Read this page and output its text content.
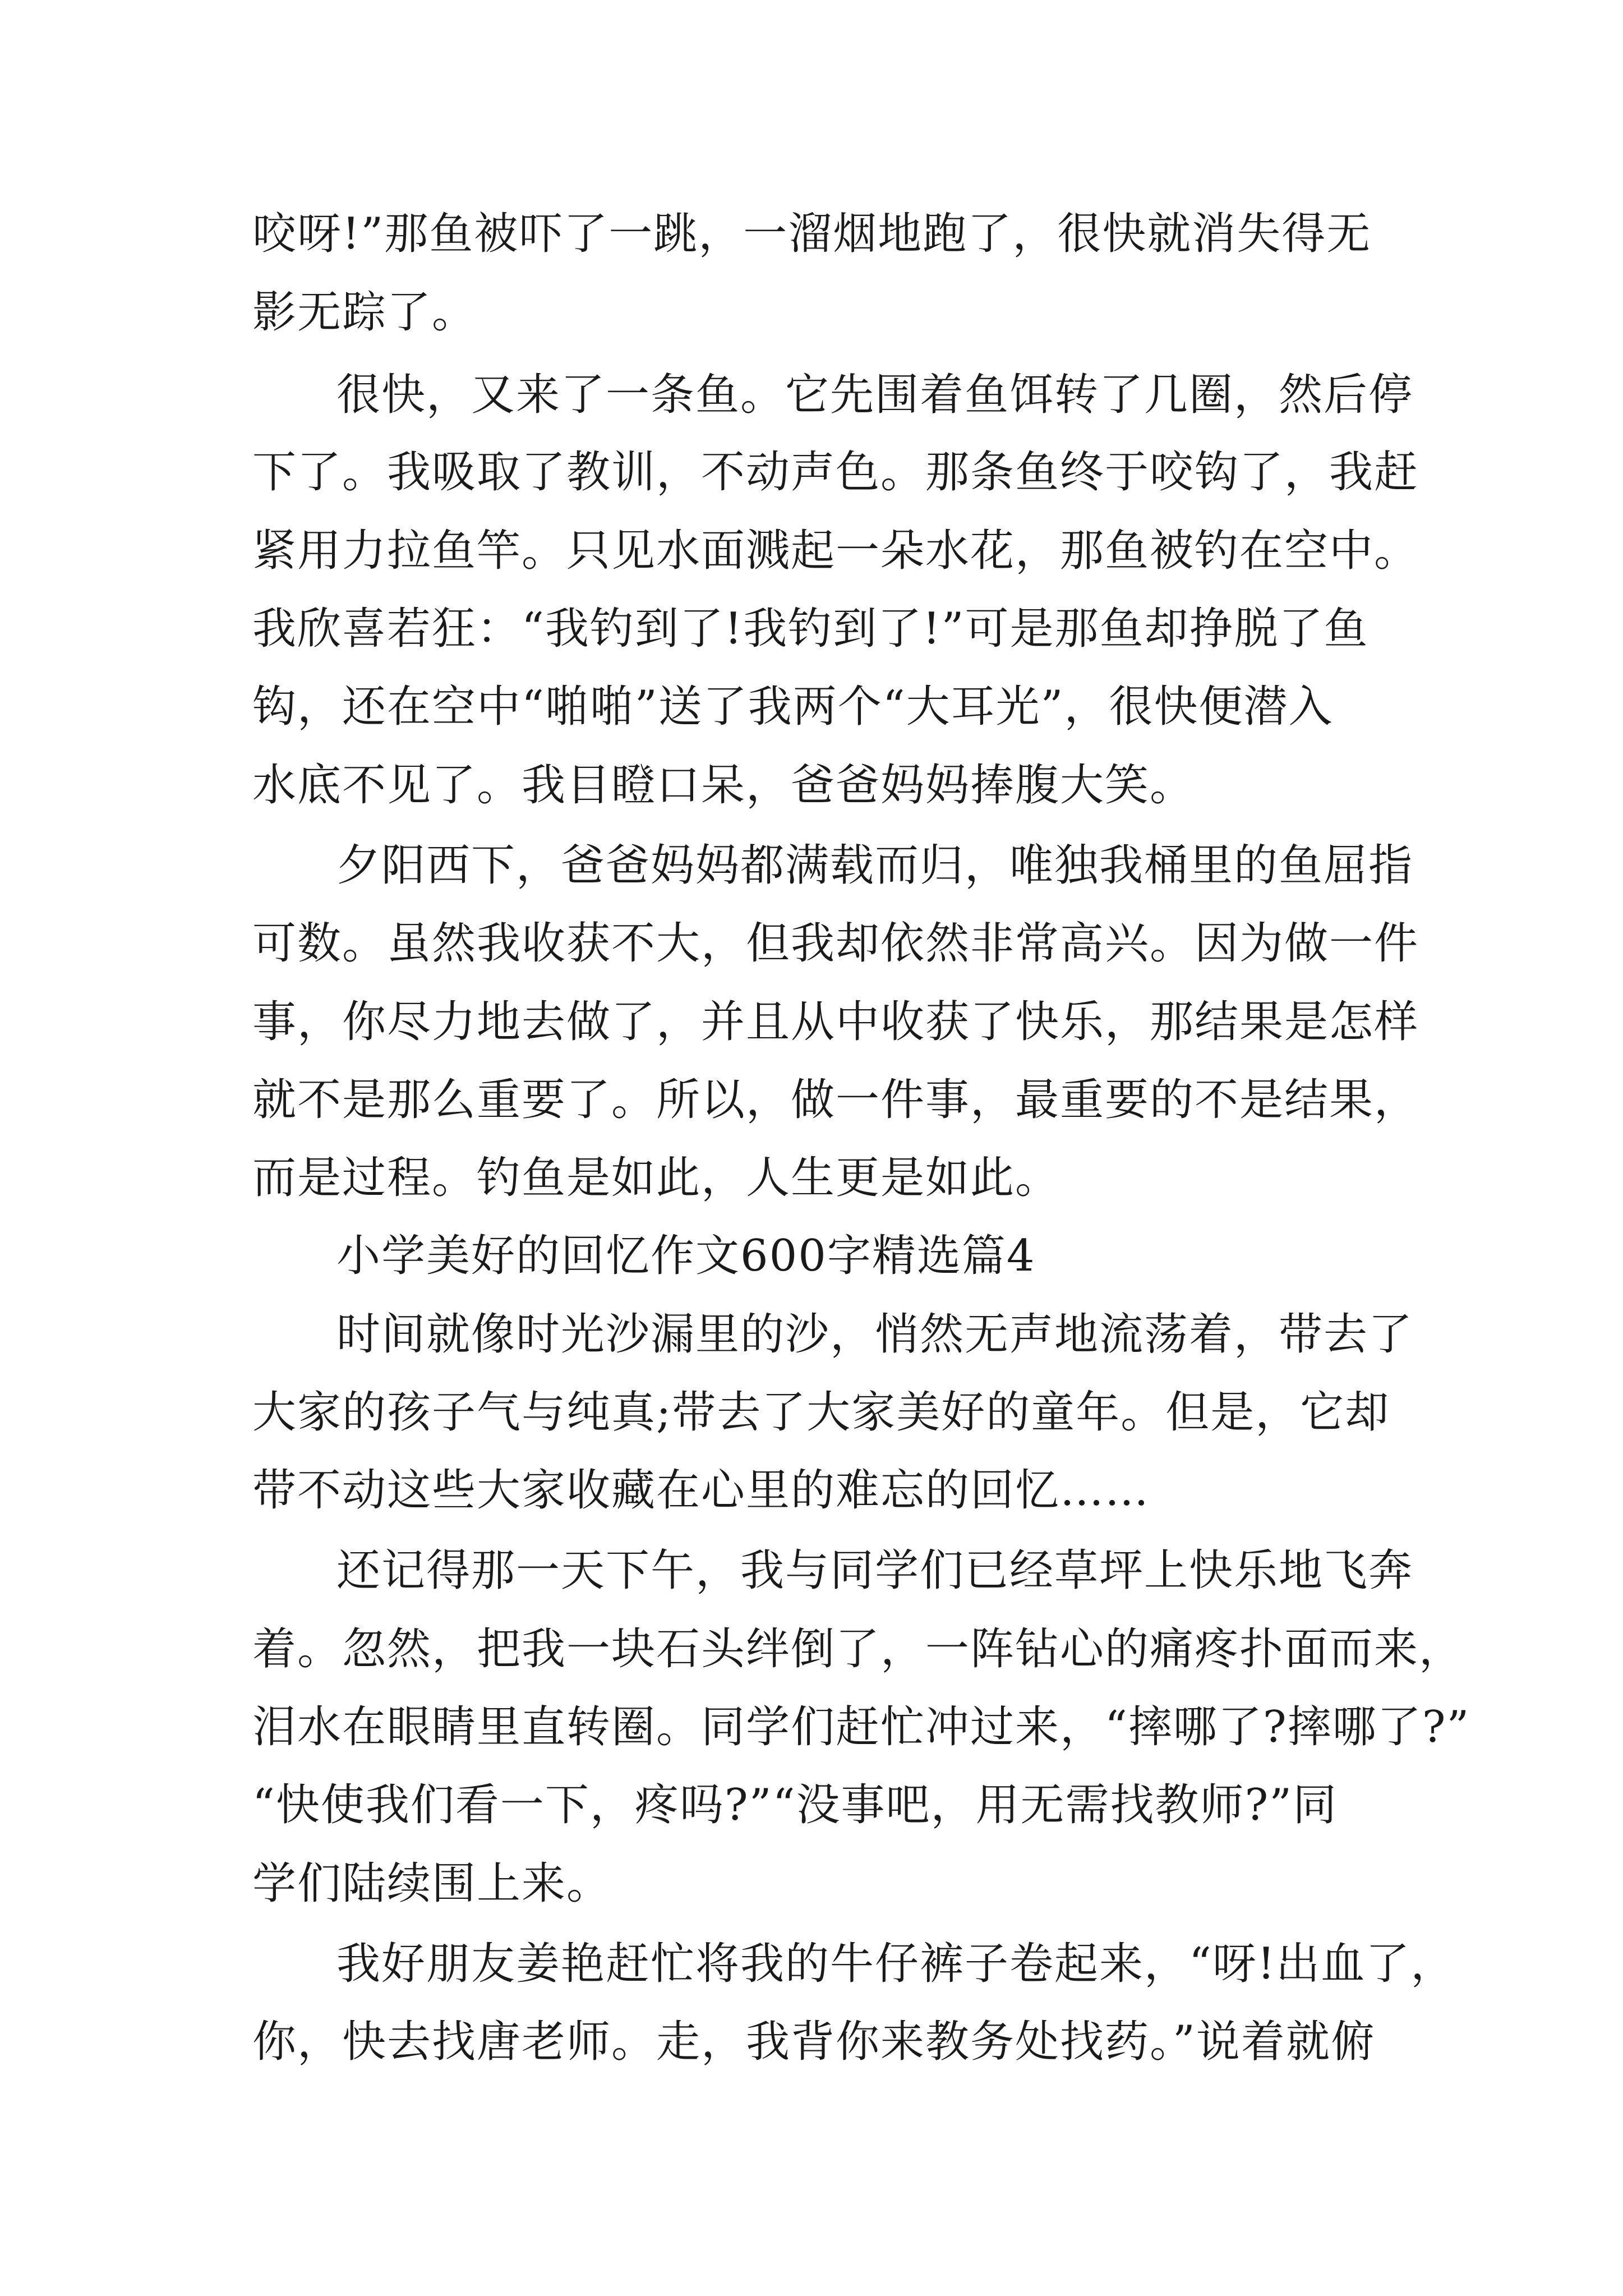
咬呀!”那鱼被吓了一跳，一溜烟地跑了，很快就消失得无
影无踪了。
很快，又来了一条鱼。它先围着鱼饵转了几圈，然后停
下了。我吸取了教训，不动声色。那条鱼终于咬钩了，我赶
紧用力拉鱼竿。只见水面溅起一朵水花，那鱼被钓在空中。
我欣喜若狂：“我钓到了!我钓到了!”可是那鱼却挣脱了鱼
钩，还在空中“啪啪”送了我两个“大耳光”，很快便潜入
水底不见了。我目瞪口呆，爸爸妈妈捧腹大笑。
夕阳西下，爸爸妈妈都满载而归，唯独我桶里的鱼屈指
可数。虽然我收获不大，但我却依然非常高兴。因为做一件
事，你尽力地去做了，并且从中收获了快乐，那结果是怎样
就不是那么重要了。所以，做一件事，最重要的不是结果，
而是过程。钓鱼是如此，人生更是如此。
小学美好的回忆作文600字精选篇4
时间就像时光沙漏里的沙，悄然无声地流荡着，带去了
大家的孩子气与纯真;带去了大家美好的童年。但是，它却
带不动这些大家收藏在心里的难忘的回忆……
还记得那一天下午，我与同学们已经草坪上快乐地飞奔
着。忽然，把我一块石头绊倒了，一阵钻心的痛疼扑面而来，
泪水在眼睛里直转圈。同学们赶忙冲过来，“摔哪了?摔哪了?”
“快使我们看一下，疼吗?”“没事吧，用无需找教师?”同
学们陆续围上来。
我好朋友姜艳赶忙将我的牛仔裤子卷起来，“呀!出血了，
你，快去找唐老师。走，我背你来教务处找药。”说着就俯
